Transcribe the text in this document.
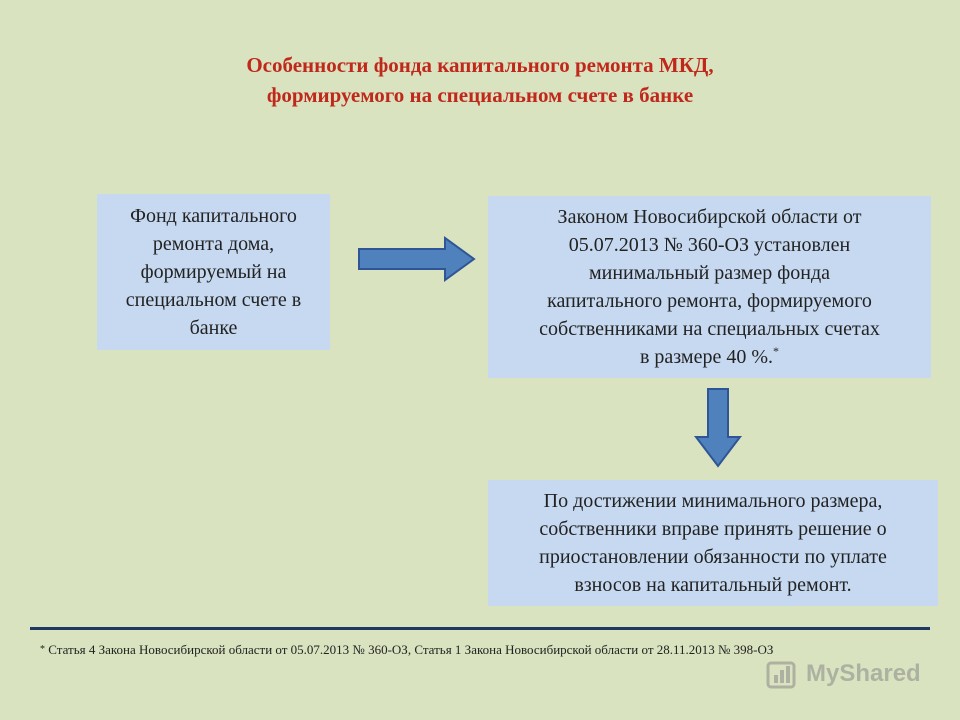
Особенности фонда капитального ремонта МКД,
формируемого на специальном счете в банке

Фонд капитального
ремонта дома,
формируемый на
специальном счете в
банке

Законом Новосибирской области от
05.07.2013 № 360-ОЗ установлен
минимальный размер фонда
капитального ремонта, формируемого
собственниками на специальных счетах
в размере 40 %.*

По достижении минимального размера,
собственники вправе принять решение о
приостановлении обязанности по уплате
взносов на капитальный ремонт.

* Статья 4 Закона Новосибирской области от 05.07.2013 № 360-ОЗ, Статья 1 Закона Новосибирской области от 28.11.2013 № 398-ОЗ
MyShared
